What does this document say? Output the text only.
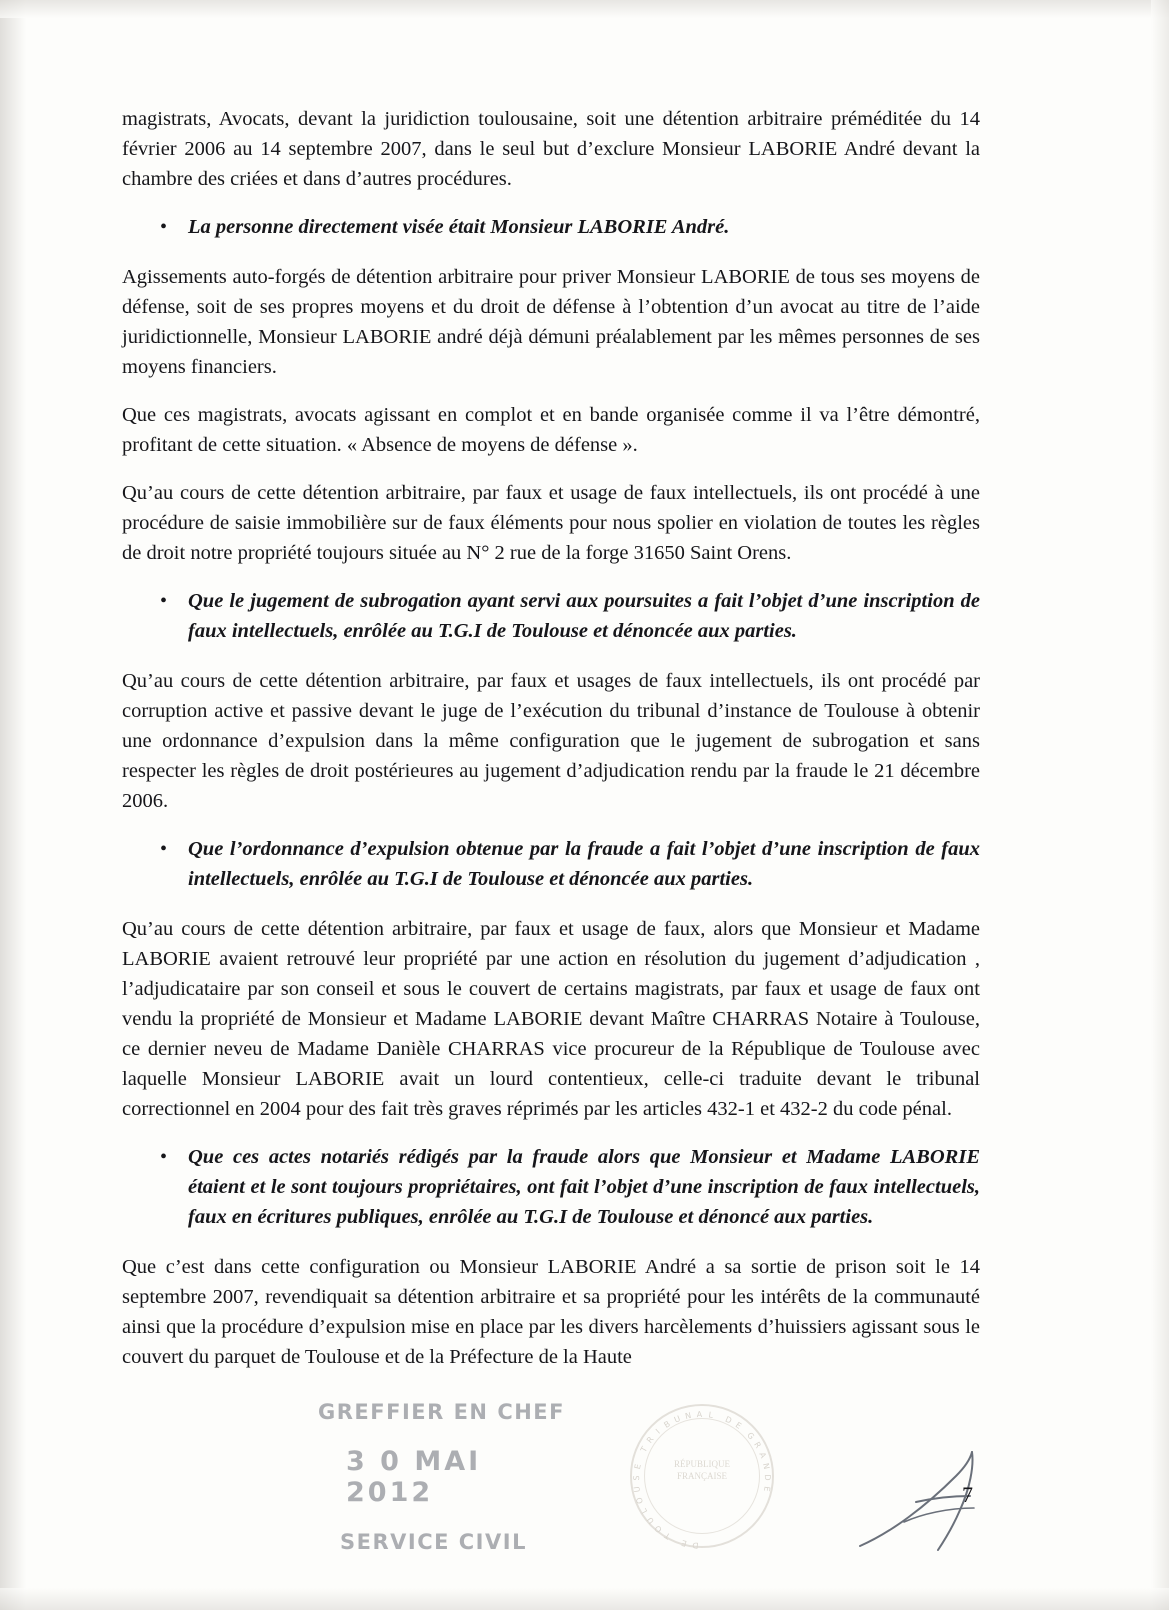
magistrats, Avocats, devant la juridiction toulousaine, soit une détention arbitraire préméditée du 14 février 2006 au 14 septembre 2007, dans le seul but d’exclure Monsieur LABORIE André devant la chambre des criées et dans d’autres procédures.

•	La personne directement visée était Monsieur LABORIE André.

Agissements auto-forgés de détention arbitraire pour priver Monsieur LABORIE de tous ses moyens de défense, soit de ses propres moyens et du droit de défense à l’obtention d’un avocat au titre de l’aide juridictionnelle, Monsieur LABORIE andré déjà démuni préalablement par les mêmes personnes de ses moyens financiers.

Que ces magistrats, avocats agissant en complot et en bande organisée comme il va l’être démontré, profitant de cette situation. « Absence de moyens de défense ».

Qu’au cours de cette détention arbitraire, par faux et usage de faux intellectuels, ils ont procédé à une procédure de saisie immobilière sur de faux éléments pour nous spolier en violation de toutes les règles de droit notre propriété toujours située au N° 2 rue de la forge 31650 Saint Orens.

•	Que le jugement de subrogation ayant servi aux poursuites a fait l’objet d’une inscription de faux intellectuels, enrôlée au T.G.I de Toulouse et dénoncée aux parties.

Qu’au cours de cette détention arbitraire, par faux et usages de faux intellectuels, ils ont procédé par corruption active et passive devant le juge de l’exécution du tribunal d’instance de Toulouse à obtenir une ordonnance d’expulsion dans la même configuration que le jugement de subrogation et sans respecter les règles de droit postérieures au jugement d’adjudication rendu par la fraude le 21 décembre 2006.

•	Que l’ordonnance d’expulsion obtenue par la fraude a fait l’objet d’une inscription de faux intellectuels, enrôlée au T.G.I de Toulouse et dénoncée aux parties.

Qu’au cours de cette détention arbitraire, par faux et usage de faux, alors que Monsieur et Madame LABORIE avaient retrouvé leur propriété par une action en résolution du jugement d’adjudication , l’adjudicataire par son conseil et sous le couvert de certains magistrats, par faux et usage de faux ont vendu la propriété de Monsieur et Madame LABORIE devant Maître CHARRAS Notaire à Toulouse, ce dernier neveu de Madame Danièle CHARRAS vice procureur de la République de Toulouse avec laquelle Monsieur LABORIE avait un lourd contentieux, celle-ci traduite devant le tribunal correctionnel en 2004 pour des fait très graves réprimés par les articles 432-1 et 432-2 du code pénal.

•	Que ces actes notariés rédigés par la fraude alors que Monsieur et Madame LABORIE étaient et le sont toujours propriétaires, ont fait l’objet d’une inscription de faux intellectuels, faux en écritures publiques, enrôlée au T.G.I de Toulouse et dénoncé aux parties.

Que c’est dans cette configuration ou Monsieur LABORIE André a sa sortie de prison soit le 14 septembre 2007, revendiquait sa détention arbitraire et sa propriété pour les intérêts de la communauté ainsi que la procédure d’expulsion mise en place par les divers harcèlements d’huissiers agissant sous le couvert du parquet de Toulouse et de la Préfecture de la Haute

GREFFIER EN CHEF
3 0 MAI 2012
SERVICE CIVIL
T
R
I
B U N A L	D
E
G
R
A
N
D
E
D
E
T
O
U
L
O
U
S
E	RÉPUBLIQUE FRANÇAISE
7
